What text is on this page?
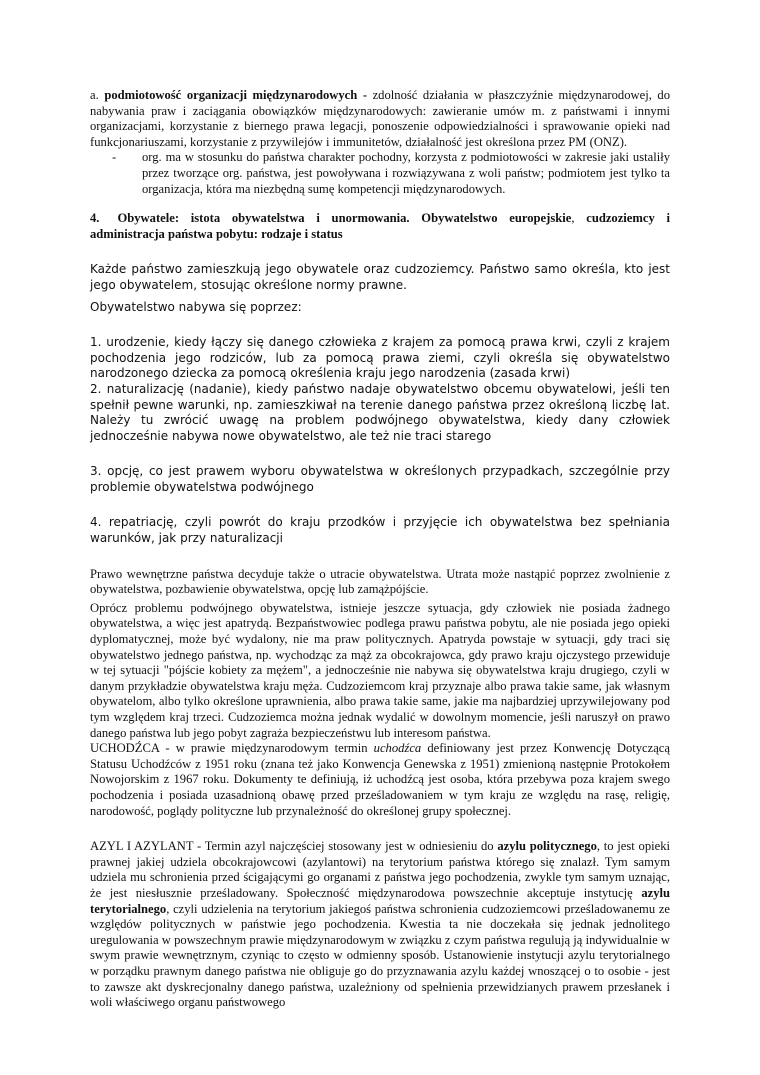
a. podmiotowość organizacji międzynarodowych - zdolność działania w płaszczyźnie międzynarodowej, do nabywania praw i zaciągania obowiązków międzynarodowych: zawieranie umów m. z państwami i innymi organizacjami, korzystanie z biernego prawa legacji, ponoszenie odpowiedzialności i sprawowanie opieki nad funkcjonariuszami, korzystanie z przywilejów i immunitetów, działalność jest określona przez PM (ONZ).

-	org. ma w stosunku do państwa charakter pochodny, korzysta z podmiotowości w zakresie jaki ustaliły przez tworzące org. państwa, jest powoływana i rozwiązywana z woli państw; podmiotem jest tylko ta organizacja, która ma niezbędną sumę kompetencji międzynarodowych.

4. Obywatele: istota obywatelstwa i unormowania. Obywatelstwo europejskie, cudzoziemcy i administracja państwa pobytu: rodzaje i status

Każde państwo zamieszkują jego obywatele oraz cudzoziemcy. Państwo samo określa, kto jest jego obywatelem, stosując określone normy prawne.

Obywatelstwo nabywa się poprzez:

1. urodzenie, kiedy łączy się danego człowieka z krajem za pomocą prawa krwi, czyli z krajem pochodzenia jego rodziców, lub za pomocą prawa ziemi, czyli określa się obywatelstwo narodzonego dziecka za pomocą określenia kraju jego narodzenia (zasada krwi)

2. naturalizację (nadanie), kiedy państwo nadaje obywatelstwo obcemu obywatelowi, jeśli ten spełnił pewne warunki, np. zamieszkiwał na terenie danego państwa przez określoną liczbę lat. Należy tu zwrócić uwagę na problem podwójnego obywatelstwa, kiedy dany człowiek jednocześnie nabywa nowe obywatelstwo, ale też nie traci starego

3. opcję, co jest prawem wyboru obywatelstwa w określonych przypadkach, szczególnie przy problemie obywatelstwa podwójnego

4. repatriację, czyli powrót do kraju przodków i przyjęcie ich obywatelstwa bez spełniania warunków, jak przy naturalizacji

Prawo wewnętrzne państwa decyduje także o utracie obywatelstwa. Utrata może nastąpić poprzez zwolnienie z obywatelstwa, pozbawienie obywatelstwa, opcję lub zamążpójście.

Oprócz problemu podwójnego obywatelstwa, istnieje jeszcze sytuacja, gdy człowiek nie posiada żadnego obywatelstwa, a więc jest apatrydą. Bezpaństwowiec podlega prawu państwa pobytu, ale nie posiada jego opieki dyplomatycznej, może być wydalony, nie ma praw politycznych. Apatryda powstaje w sytuacji, gdy traci się obywatelstwo jednego państwa, np. wychodząc za mąż za obcokrajowca, gdy prawo kraju ojczystego przewiduje w tej sytuacji "pójście kobiety za mężem", a jednocześnie nie nabywa się obywatelstwa kraju drugiego, czyli w danym przykładzie obywatelstwa kraju męża. Cudzoziemcom kraj przyznaje albo prawa takie same, jak własnym obywatelom, albo tylko określone uprawnienia, albo prawa takie same, jakie ma najbardziej uprzywilejowany pod tym względem kraj trzeci. Cudzoziemca można jednak wydalić w dowolnym momencie, jeśli naruszył on prawo danego państwa lub jego pobyt zagraża bezpieczeństwu lub interesom państwa.

UCHODŹCA - w prawie międzynarodowym termin uchodźca definiowany jest przez Konwencję Dotyczącą Statusu Uchodźców z 1951 roku (znana też jako Konwencja Genewska z 1951) zmienioną następnie Protokołem Nowojorskim z 1967 roku. Dokumenty te definiują, iż uchodźcą jest osoba, która przebywa poza krajem swego pochodzenia i posiada uzasadnioną obawę przed prześladowaniem w tym kraju ze względu na rasę, religię, narodowość, poglądy polityczne lub przynależność do określonej grupy społecznej.

AZYL I AZYLANT - Termin azyl najczęściej stosowany jest w odniesieniu do azylu politycznego, to jest opieki prawnej jakiej udziela obcokrajowcowi (azylantowi) na terytorium państwa którego się znalazł. Tym samym udziela mu schronienia przed ścigającymi go organami z państwa jego pochodzenia, zwykle tym samym uznając, że jest niesłusznie prześladowany. Społeczność międzynarodowa powszechnie akceptuje instytucję azylu terytorialnego, czyli udzielenia na terytorium jakiegoś państwa schronienia cudzoziemcowi prześladowanemu ze względów politycznych w państwie jego pochodzenia. Kwestia ta nie doczekała się jednak jednolitego uregulowania w powszechnym prawie międzynarodowym w związku z czym państwa regulują ją indywidualnie w swym prawie wewnętrznym, czyniąc to często w odmienny sposób. Ustanowienie instytucji azylu terytorialnego w porządku prawnym danego państwa nie obliguje go do przyznawania azylu każdej wnoszącej o to osobie - jest to zawsze akt dyskrecjonalny danego państwa, uzależniony od spełnienia przewidzianych prawem przesłanek i woli właściwego organu państwowego
